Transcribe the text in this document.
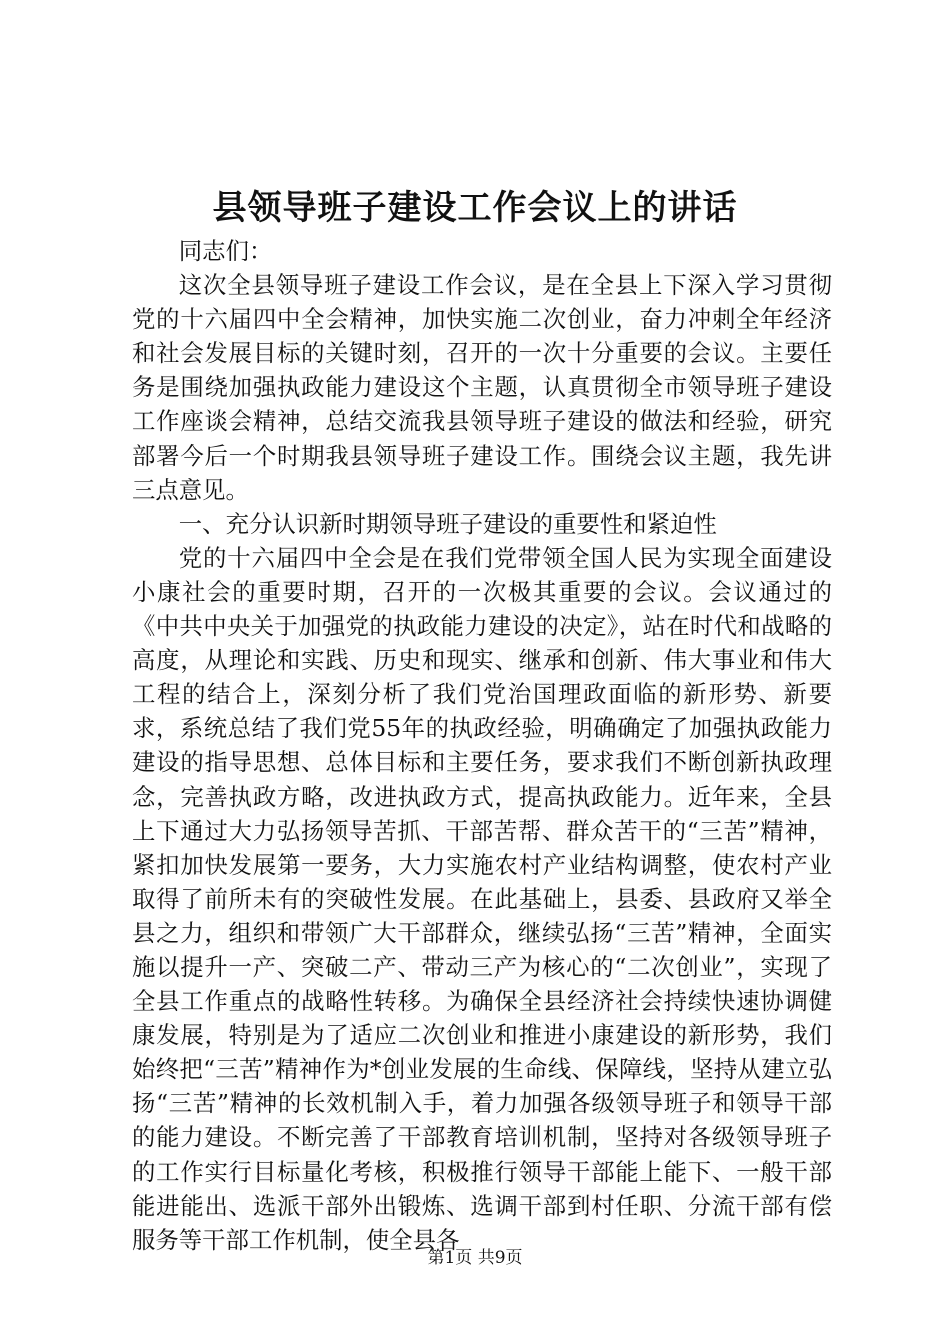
县领导班子建设工作会议上的讲话

同志们：

这次全县领导班子建设工作会议，是在全县上下深入学习贯彻党的十六届四中全会精神，加快实施二次创业，奋力冲刺全年经济和社会发展目标的关键时刻，召开的一次十分重要的会议。主要任务是围绕加强执政能力建设这个主题，认真贯彻全市领导班子建设工作座谈会精神，总结交流我县领导班子建设的做法和经验，研究部署今后一个时期我县领导班子建设工作。围绕会议主题，我先讲三点意见。

一、充分认识新时期领导班子建设的重要性和紧迫性

党的十六届四中全会是在我们党带领全国人民为实现全面建设小康社会的重要时期，召开的一次极其重要的会议。会议通过的《中共中央关于加强党的执政能力建设的决定》，站在时代和战略的高度，从理论和实践、历史和现实、继承和创新、伟大事业和伟大工程的结合上，深刻分析了我们党治国理政面临的新形势、新要求，系统总结了我们党55年的执政经验，明确确定了加强执政能力建设的指导思想、总体目标和主要任务，要求我们不断创新执政理念，完善执政方略，改进执政方式，提高执政能力。近年来，全县上下通过大力弘扬领导苦抓、干部苦帮、群众苦干的“三苦”精神，紧扣加快发展第一要务，大力实施农村产业结构调整，使农村产业取得了前所未有的突破性发展。在此基础上，县委、县政府又举全县之力，组织和带领广大干部群众，继续弘扬“三苦”精神，全面实施以提升一产、突破二产、带动三产为核心的“二次创业”，实现了全县工作重点的战略性转移。为确保全县经济社会持续快速协调健康发展，特别是为了适应二次创业和推进小康建设的新形势，我们始终把“三苦”精神作为*创业发展的生命线、保障线，坚持从建立弘扬“三苦”精神的长效机制入手，着力加强各级领导班子和领导干部的能力建设。不断完善了干部教育培训机制，坚持对各级领导班子的工作实行目标量化考核，积极推行领导干部能上能下、一般干部能进能出、选派干部外出锻炼、选调干部到村任职、分流干部有偿服务等干部工作机制，使全县各

第1页 共9页
